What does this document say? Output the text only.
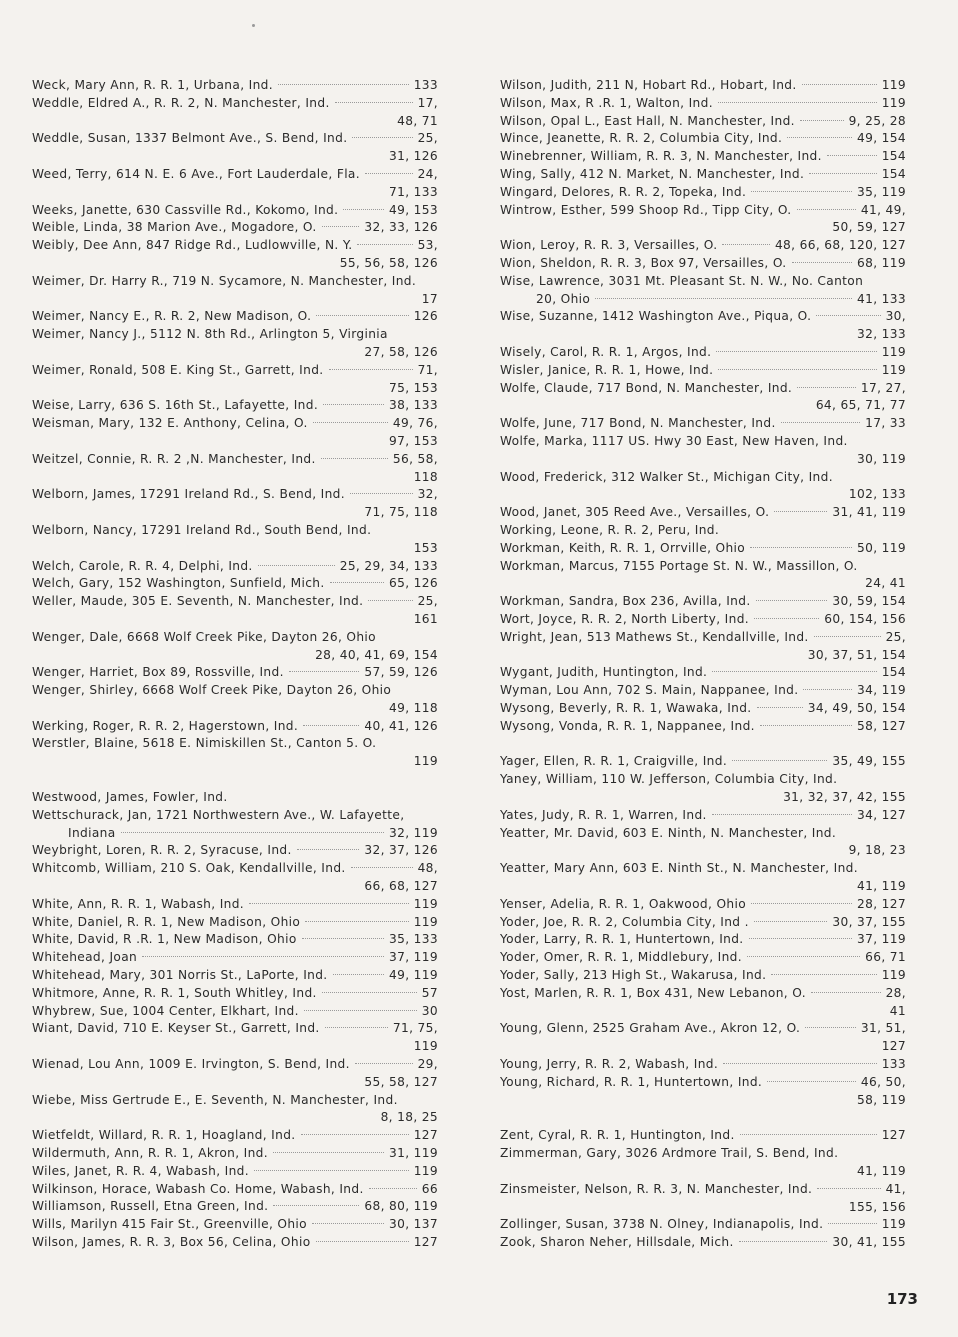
Weck, Mary Ann, R. R. 1, Urbana, Ind.	133
Weddle, Eldred A., R. R. 2, N. Manchester, Ind.	17,
48, 71
Weddle, Susan, 1337 Belmont Ave., S. Bend, Ind.	25,
31, 126
Weed, Terry, 614 N. E. 6 Ave., Fort Lauderdale, Fla.	24,
71, 133
Weeks, Janette, 630 Cassville Rd., Kokomo, Ind.	49, 153
Weible, Linda, 38 Marion Ave., Mogadore, O.	32, 33, 126
Weibly, Dee Ann, 847 Ridge Rd., Ludlowville, N. Y.	53,
55, 56, 58, 126
Weimer, Dr. Harry R., 719 N. Sycamore, N. Manchester, Ind.
17
Weimer, Nancy E., R. R. 2, New Madison, O.	126
Weimer, Nancy J., 5112 N. 8th Rd., Arlington 5, Virginia
27, 58, 126
Weimer, Ronald, 508 E. King St., Garrett, Ind.	71,
75, 153
Weise, Larry, 636 S. 16th St., Lafayette, Ind.	38, 133
Weisman, Mary, 132 E. Anthony, Celina, O.	49, 76,
97, 153
Weitzel, Connie, R. R. 2 ,N. Manchester, Ind.	56, 58,
118
Welborn, James, 17291 Ireland Rd., S. Bend, Ind.	32,
71, 75, 118
Welborn, Nancy, 17291 Ireland Rd., South Bend, Ind.
153
Welch, Carole, R. R. 4, Delphi, Ind.	25, 29, 34, 133
Welch, Gary, 152 Washington, Sunfield, Mich.	65, 126
Weller, Maude, 305 E. Seventh, N. Manchester, Ind.	25,
161
Wenger, Dale, 6668 Wolf Creek Pike, Dayton 26, Ohio
28, 40, 41, 69, 154
Wenger, Harriet, Box 89, Rossville, Ind.	57, 59, 126
Wenger, Shirley, 6668 Wolf Creek Pike, Dayton 26, Ohio
49, 118
Werking, Roger, R. R. 2, Hagerstown, Ind.	40, 41, 126
Werstler, Blaine, 5618 E. Nimiskillen St., Canton 5. O.
119
Westwood, James, Fowler, Ind.
Wettschurack, Jan, 1721 Northwestern Ave., W. Lafayette,
Indiana	32, 119
Weybright, Loren, R. R. 2, Syracuse, Ind.	32, 37, 126
Whitcomb, William, 210 S. Oak, Kendallville, Ind.	48,
66, 68, 127
White, Ann, R. R. 1, Wabash, Ind.	119
White, Daniel, R. R. 1, New Madison, Ohio	119
White, David, R .R. 1, New Madison, Ohio	35, 133
Whitehead, Joan	37, 119
Whitehead, Mary, 301 Norris St., LaPorte, Ind.	49, 119
Whitmore, Anne, R. R. 1, South Whitley, Ind.	57
Whybrew, Sue, 1004 Center, Elkhart, Ind.	30
Wiant, David, 710 E. Keyser St., Garrett, Ind.	71, 75,
119
Wienad, Lou Ann, 1009 E. Irvington, S. Bend, Ind.	29,
55, 58, 127
Wiebe, Miss Gertrude E., E. Seventh, N. Manchester, Ind.
8, 18, 25
Wietfeldt, Willard, R. R. 1, Hoagland, Ind.	127
Wildermuth, Ann, R. R. 1, Akron, Ind.	31, 119
Wiles, Janet, R. R. 4, Wabash, Ind.	119
Wilkinson, Horace, Wabash Co. Home, Wabash, Ind.	66
Williamson, Russell, Etna Green, Ind.	68, 80, 119
Wills, Marilyn 415 Fair St., Greenville, Ohio	30, 137
Wilson, James, R. R. 3, Box 56, Celina, Ohio	127
Wilson, Judith, 211 N, Hobart Rd., Hobart, Ind.	119
Wilson, Max, R .R. 1, Walton, Ind.	119
Wilson, Opal L., East Hall, N. Manchester, Ind.	9, 25, 28
Wince, Jeanette, R. R. 2, Columbia City, Ind.	49, 154
Winebrenner, William, R. R. 3, N. Manchester, Ind.	154
Wing, Sally, 412 N. Market, N. Manchester, Ind.	154
Wingard, Delores, R. R. 2, Topeka, Ind.	35, 119
Wintrow, Esther, 599 Shoop Rd., Tipp City, O.	41, 49,
50, 59, 127
Wion, Leroy, R. R. 3, Versailles, O.	48, 66, 68, 120, 127
Wion, Sheldon, R. R. 3, Box 97, Versailles, O.	68, 119
Wise, Lawrence, 3031 Mt. Pleasant St. N. W., No. Canton
20, Ohio	41, 133
Wise, Suzanne, 1412 Washington Ave., Piqua, O.	30,
32, 133
Wisely, Carol, R. R. 1, Argos, Ind.	119
Wisler, Janice, R. R. 1, Howe, Ind.	119
Wolfe, Claude, 717 Bond, N. Manchester, Ind.	17, 27,
64, 65, 71, 77
Wolfe, June, 717 Bond, N. Manchester, Ind.	17, 33
Wolfe, Marka, 1117 US. Hwy 30 East, New Haven, Ind.
30, 119
Wood, Frederick, 312 Walker St., Michigan City, Ind.
102, 133
Wood, Janet, 305 Reed Ave., Versailles, O.	31, 41, 119
Working, Leone, R. R. 2, Peru, Ind.
Workman, Keith, R. R. 1, Orrville, Ohio	50, 119
Workman, Marcus, 7155 Portage St. N. W., Massillon, O.
24, 41
Workman, Sandra, Box 236, Avilla, Ind.	30, 59, 154
Wort, Joyce, R. R. 2, North Liberty, Ind.	60, 154, 156
Wright, Jean, 513 Mathews St., Kendallville, Ind.	25,
30, 37, 51, 154
Wygant, Judith, Huntington, Ind.	154
Wyman, Lou Ann, 702 S. Main, Nappanee, Ind.	34, 119
Wysong, Beverly, R. R. 1, Wawaka, Ind.	34, 49, 50, 154
Wysong, Vonda, R. R. 1, Nappanee, Ind.	58, 127
Yager, Ellen, R. R. 1, Craigville, Ind.	35, 49, 155
Yaney, William, 110 W. Jefferson, Columbia City, Ind.
31, 32, 37, 42, 155
Yates, Judy, R. R. 1, Warren, Ind.	34, 127
Yeatter, Mr. David, 603 E. Ninth, N. Manchester, Ind.
9, 18, 23
Yeatter, Mary Ann, 603 E. Ninth St., N. Manchester, Ind.
41, 119
Yenser, Adelia, R. R. 1, Oakwood, Ohio	28, 127
Yoder, Joe, R. R. 2, Columbia City, Ind .	30, 37, 155
Yoder, Larry, R. R. 1, Huntertown, Ind.	37, 119
Yoder, Omer, R. R. 1, Middlebury, Ind.	66, 71
Yoder, Sally, 213 High St., Wakarusa, Ind.	119
Yost, Marlen, R. R. 1, Box 431, New Lebanon, O.	28,
41
Young, Glenn, 2525 Graham Ave., Akron 12, O.	31, 51,
127
Young, Jerry, R. R. 2, Wabash, Ind.	133
Young, Richard, R. R. 1, Huntertown, Ind.	46, 50,
58, 119
Zent, Cyral, R. R. 1, Huntington, Ind.	127
Zimmerman, Gary, 3026 Ardmore Trail, S. Bend, Ind.
41, 119
Zinsmeister, Nelson, R. R. 3, N. Manchester, Ind.	41,
155, 156
Zollinger, Susan, 3738 N. Olney, Indianapolis, Ind.	119
Zook, Sharon Neher, Hillsdale, Mich.	30, 41, 155
173
